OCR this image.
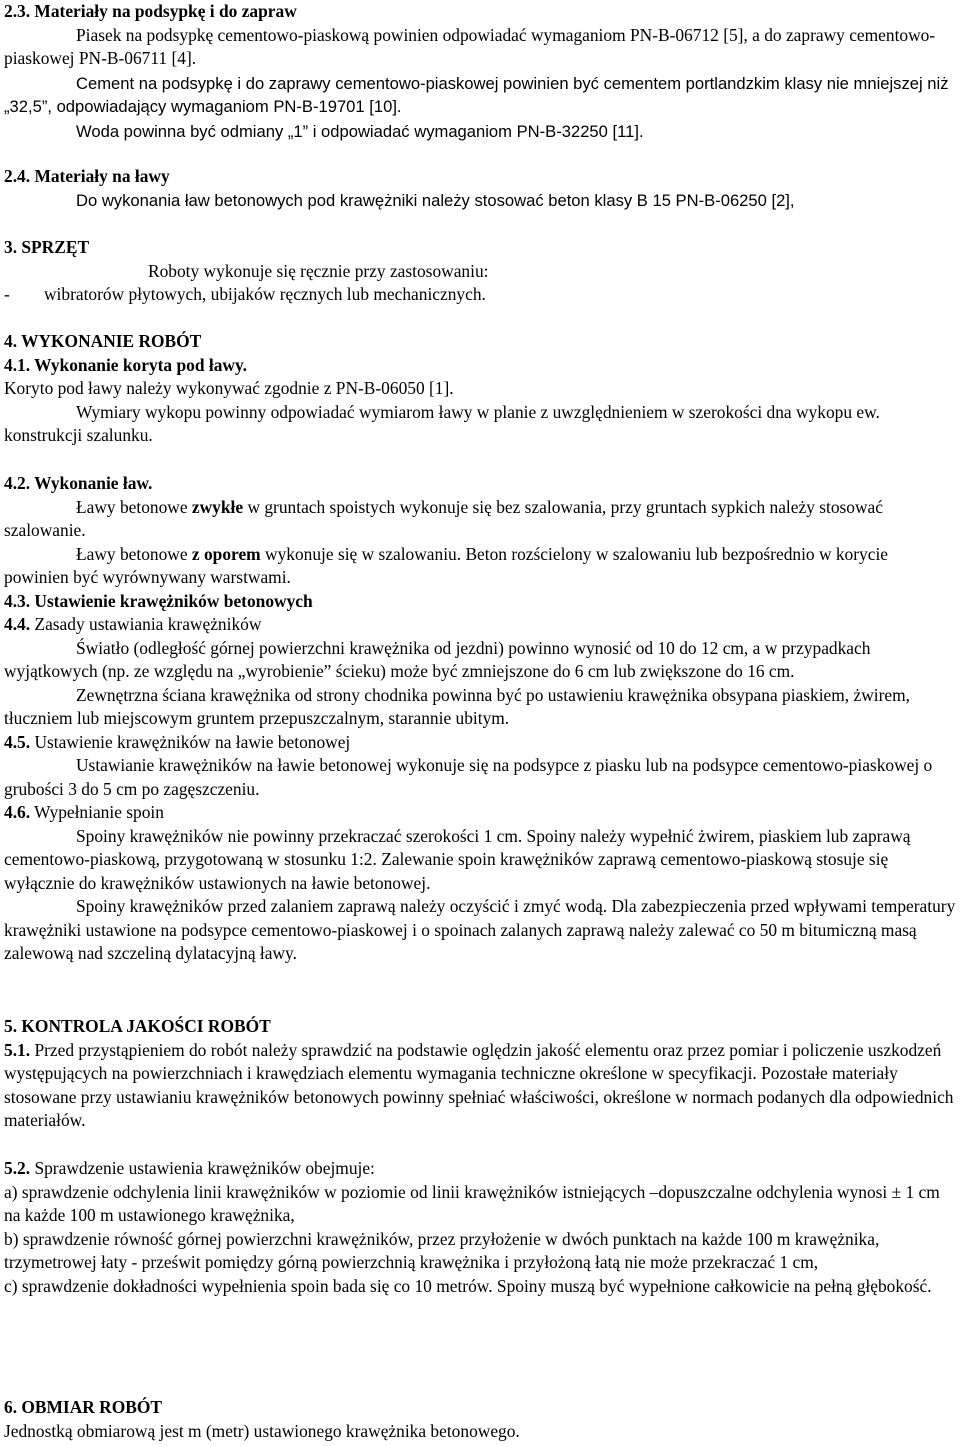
2.3. Materiały na podsypkę i do zapraw

Piasek na podsypkę cementowo-piaskową powinien odpowiadać wymaganiom PN-B-06712 [5], a do zaprawy cementowo-piaskowej PN-B-06711 [4].

Cement na podsypkę i do zaprawy cementowo-piaskowej powinien być cementem portlandzkim klasy nie mniejszej niż „32,5”, odpowiadający wymaganiom PN-B-19701 [10].

Woda powinna być odmiany „1” i odpowiadać wymaganiom PN-B-32250 [11].

2.4. Materiały na ławy

Do wykonania ław betonowych pod krawężniki należy stosować beton klasy B 15 PN-B-06250 [2],

3. SPRZĘT

Roboty wykonuje się ręcznie przy zastosowaniu:

-	wibratorów płytowych, ubijaków ręcznych lub mechanicznych.
4. WYKONANIE ROBÓT
4.1. Wykonanie koryta pod ławy.

Koryto pod ławy należy wykonywać zgodnie z PN-B-06050 [1].

Wymiary wykopu powinny odpowiadać wymiarom ławy w planie z uwzględnieniem w szerokości dna wykopu ew. konstrukcji szalunku.

4.2. Wykonanie ław.

Ławy betonowe zwykłe w gruntach spoistych wykonuje się bez szalowania, przy gruntach sypkich należy stosować szalowanie.

Ławy betonowe z oporem wykonuje się w szalowaniu. Beton rozścielony w szalowaniu lub bezpośrednio w korycie powinien być wyrównywany warstwami.

4.3. Ustawienie krawężników betonowych
4.4. Zasady ustawiania krawężników

Światło (odległość górnej powierzchni krawężnika od jezdni) powinno wynosić od 10 do 12 cm, a w przypadkach wyjątkowych (np. ze względu na „wyrobienie” ścieku) może być zmniejszone do 6 cm lub zwiększone do 16 cm.

Zewnętrzna ściana krawężnika od strony chodnika powinna być po ustawieniu krawężnika obsypana piaskiem, żwirem, tłuczniem lub miejscowym gruntem przepuszczalnym, starannie ubitym.

4.5. Ustawienie krawężników na ławie betonowej

Ustawianie krawężników na ławie betonowej wykonuje się na podsypce z piasku lub na podsypce cementowo-piaskowej o grubości 3 do 5 cm po zagęszczeniu.

4.6. Wypełnianie spoin

Spoiny krawężników nie powinny przekraczać szerokości 1 cm. Spoiny należy wypełnić żwirem, piaskiem lub zaprawą cementowo-piaskową, przygotowaną w stosunku 1:2. Zalewanie spoin krawężników zaprawą cementowo-piaskową stosuje się wyłącznie do krawężników ustawionych na ławie betonowej.

Spoiny krawężników przed zalaniem zaprawą należy oczyścić i zmyć wodą. Dla zabezpieczenia przed wpływami temperatury krawężniki ustawione na podsypce cementowo-piaskowej i o spoinach zalanych zaprawą należy zalewać co 50 m bitumiczną masą zalewową nad szczeliną dylatacyjną ławy.

5. KONTROLA JAKOŚCI ROBÓT

5.1. Przed przystąpieniem do robót należy sprawdzić na podstawie oględzin jakość elementu oraz przez pomiar i policzenie uszkodzeń występujących na powierzchniach i krawędziach elementu wymagania techniczne określone w specyfikacji. Pozostałe materiały stosowane przy ustawianiu krawężników betonowych powinny spełniać właściwości, określone w normach podanych dla odpowiednich materiałów.

5.2. Sprawdzenie ustawienia krawężników obejmuje:

a) sprawdzenie odchylenia linii krawężników w poziomie od linii krawężników istniejących –dopuszczalne odchylenia wynosi ± 1 cm na każde 100 m ustawionego krawężnika,

b) sprawdzenie równość górnej powierzchni krawężników, przez przyłożenie w dwóch punktach na każde 100 m krawężnika, trzymetrowej łaty - prześwit pomiędzy górną powierzchnią krawężnika i przyłożoną łatą nie może przekraczać 1 cm,

c) sprawdzenie dokładności wypełnienia spoin bada się co 10 metrów. Spoiny muszą być wypełnione całkowicie na pełną głębokość.

6. OBMIAR ROBÓT

Jednostką obmiarową jest m (metr) ustawionego krawężnika betonowego.
